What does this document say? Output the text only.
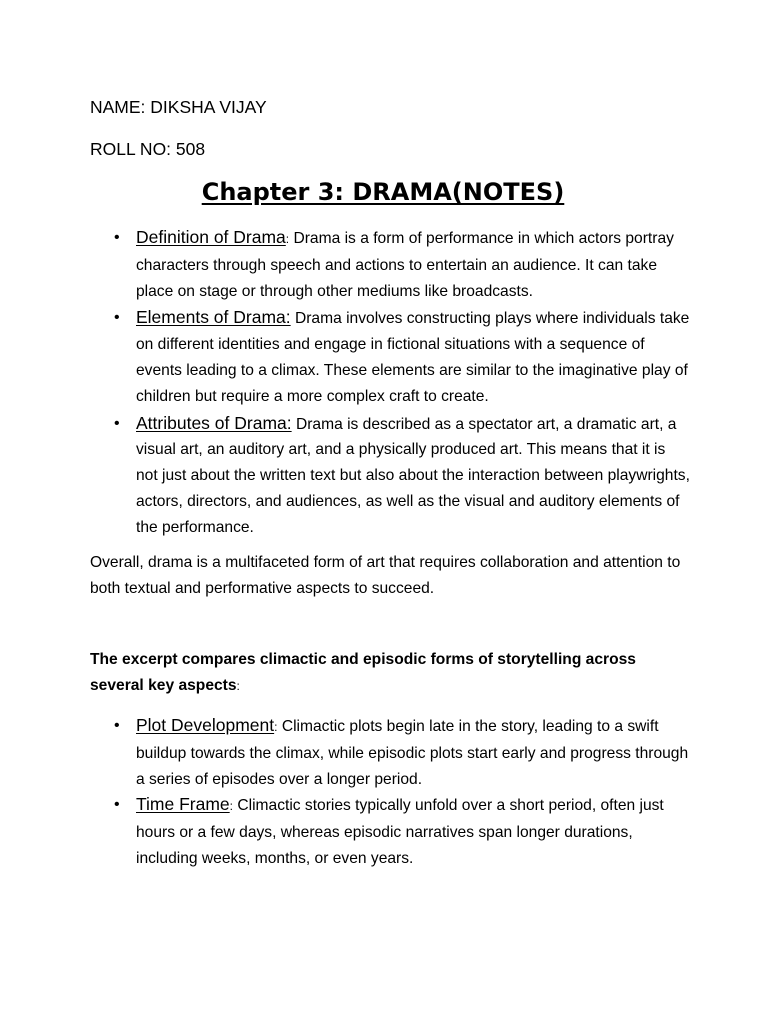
NAME: DIKSHA VIJAY

ROLL NO: 508

Chapter 3: DRAMA(NOTES)
• Definition of Drama: Drama is a form of performance in which actors portray characters through speech and actions to entertain an audience. It can take place on stage or through other mediums like broadcasts.
• Elements of Drama: Drama involves constructing plays where individuals take on different identities and engage in fictional situations with a sequence of events leading to a climax. These elements are similar to the imaginative play of children but require a more complex craft to create.
• Attributes of Drama: Drama is described as a spectator art, a dramatic art, a visual art, an auditory art, and a physically produced art. This means that it is not just about the written text but also about the interaction between playwrights, actors, directors, and audiences, as well as the visual and auditory elements of the performance.

Overall, drama is a multifaceted form of art that requires collaboration and attention to both textual and performative aspects to succeed.

The excerpt compares climactic and episodic forms of storytelling across several key aspects:

• Plot Development: Climactic plots begin late in the story, leading to a swift buildup towards the climax, while episodic plots start early and progress through a series of episodes over a longer period.
• Time Frame: Climactic stories typically unfold over a short period, often just hours or a few days, whereas episodic narratives span longer durations, including weeks, months, or even years.
